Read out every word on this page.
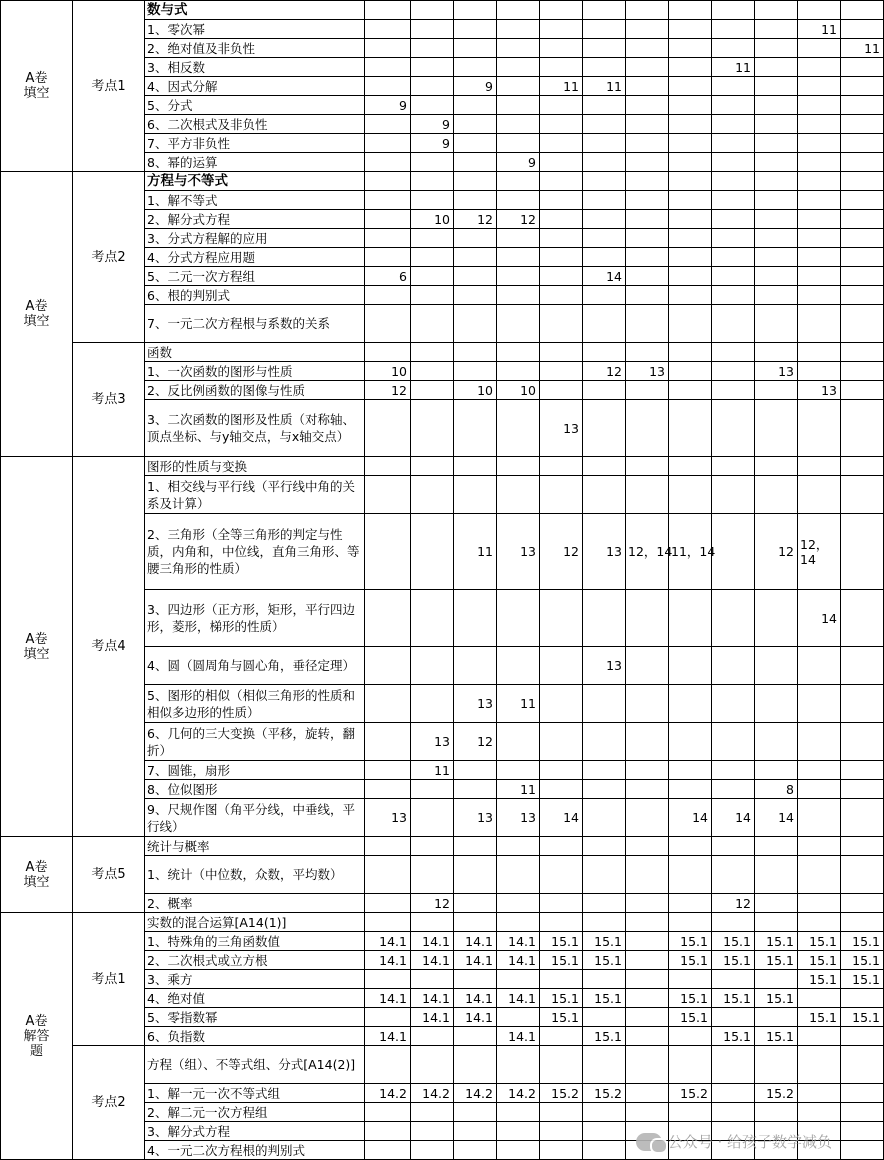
A卷
填空	考点1	数与式													
		1、零次幂											11		
		2、绝对值及非负性												11	
		3、相反数									11				
		4、因式分解			9		11	11							
		5、分式	9												
		6、二次根式及非负性		9											
		7、平方非负性		9											
		8、幂的运算				9									
A卷
填空	考点2	方程与不等式													
		1、解不等式													
		2、解分式方程		10	12	12									
		3、分式方程解的应用													
		4、分式方程应用题													
		5、二元一次方程组	6					14							
		6、根的判别式													
		7、一元二次方程根与系数的关系													
	考点3	函数													
		1、一次函数的图形与性质	10					12	13			13			
		2、反比例函数的图像与性质	12		10	10							13		
		3、二次函数的图形及性质（对称轴、顶点坐标、与y轴交点，与x轴交点）					13								
A卷
填空	考点4	图形的性质与变换													
		1、相交线与平行线（平行线中角的关系及计算）													
		2、三角形（全等三角形的判定与性质，内角和，中位线，直角三角形、等腰三角形的性质）			11	13	12	13	12，14	11，14		12	12，14		
		3、四边形（正方形，矩形，平行四边形，菱形，梯形的性质）											14		
		4、圆（圆周角与圆心角，垂径定理）						13							
		5、图形的相似（相似三角形的性质和相似多边形的性质）			13	11									
		6、几何的三大变换（平移，旋转，翻折）		13	12										
		7、圆锥，扇形		11											
		8、位似图形				11						8			
		9、尺规作图（角平分线，中垂线，平行线）	13		13	13	14			14	14	14			
A卷
填空	考点5	统计与概率													
		1、统计（中位数，众数，平均数）													
		2、概率		12							12				
A卷
解答
题	考点1	实数的混合运算[A14(1)]													
		1、特殊角的三角函数值	14.1	14.1	14.1	14.1	15.1	15.1		15.1	15.1	15.1	15.1	15.1	
		2、二次根式或立方根	14.1	14.1	14.1	14.1	15.1	15.1		15.1	15.1	15.1	15.1	15.1	
		3、乘方											15.1	15.1	
		4、绝对值	14.1	14.1	14.1	14.1	15.1	15.1		15.1	15.1	15.1			
		5、零指数幂		14.1	14.1		15.1			15.1			15.1	15.1	
		6、负指数	14.1			14.1		15.1			15.1	15.1			
	考点2	方程（组）、不等式组、分式[A14(2)]													
		1、解一元一次不等式组	14.2	14.2	14.2	14.2	15.2	15.2		15.2		15.2			
		2、解二元一次方程组													
		3、解分式方程													
		4、一元二次方程根的判别式														公众号 · 给孩子数学减负
